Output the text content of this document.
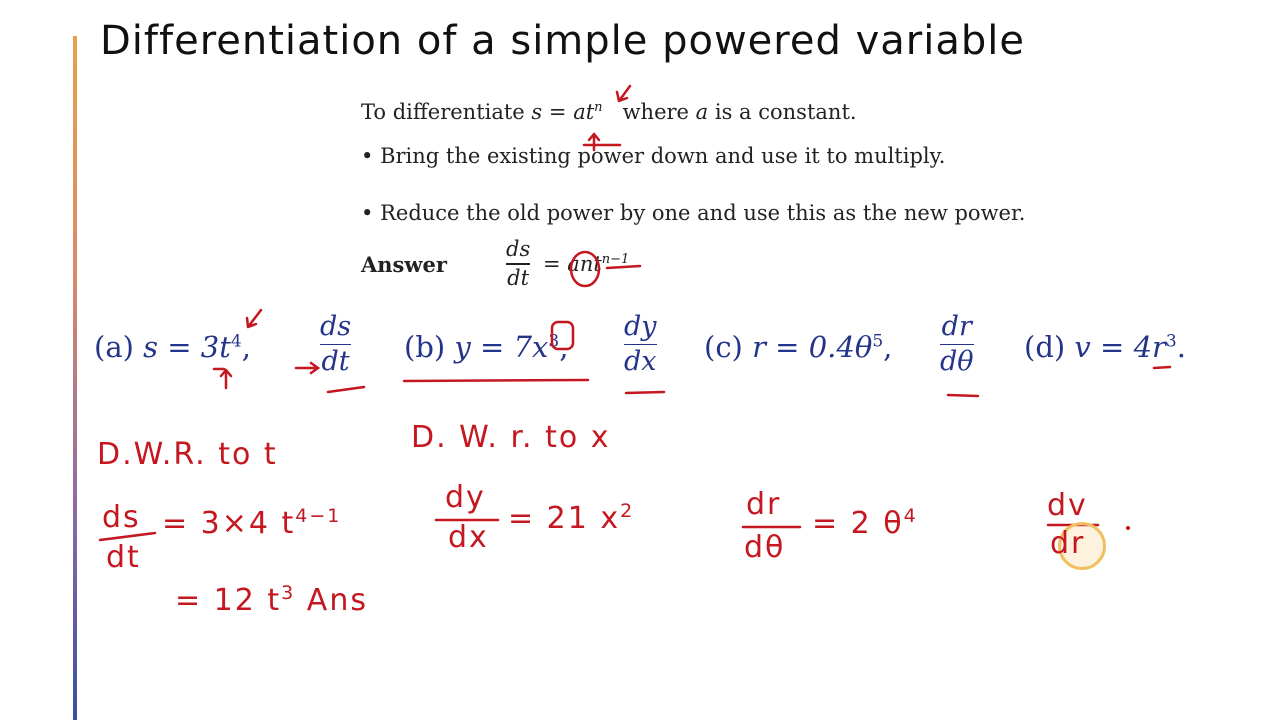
Differentiation of a simple powered variable
To differentiate $s = at^n$ where a is a constant.
• Bring the existing power down and use it to multiply.
• Reduce the old power by one and use this as the new power.
Answer
ds
dt
= ant$^{n-1}$
(a) $s = 3t^4$,
ds
dt (b) $y = 7x^3$,
dy
dx (c) $r = 0.4\theta^5$,
dr
dθ (d) $v = 4r^3$.
D.W.R. to t	D. W. r. to x
ds
dt
= 3×4 $t^{4-1}$
= 12 $t^3$ Ans
dy
dx
= 21 $x^2$	dr
dθ
= 2 $\theta^4$	dv
dr
